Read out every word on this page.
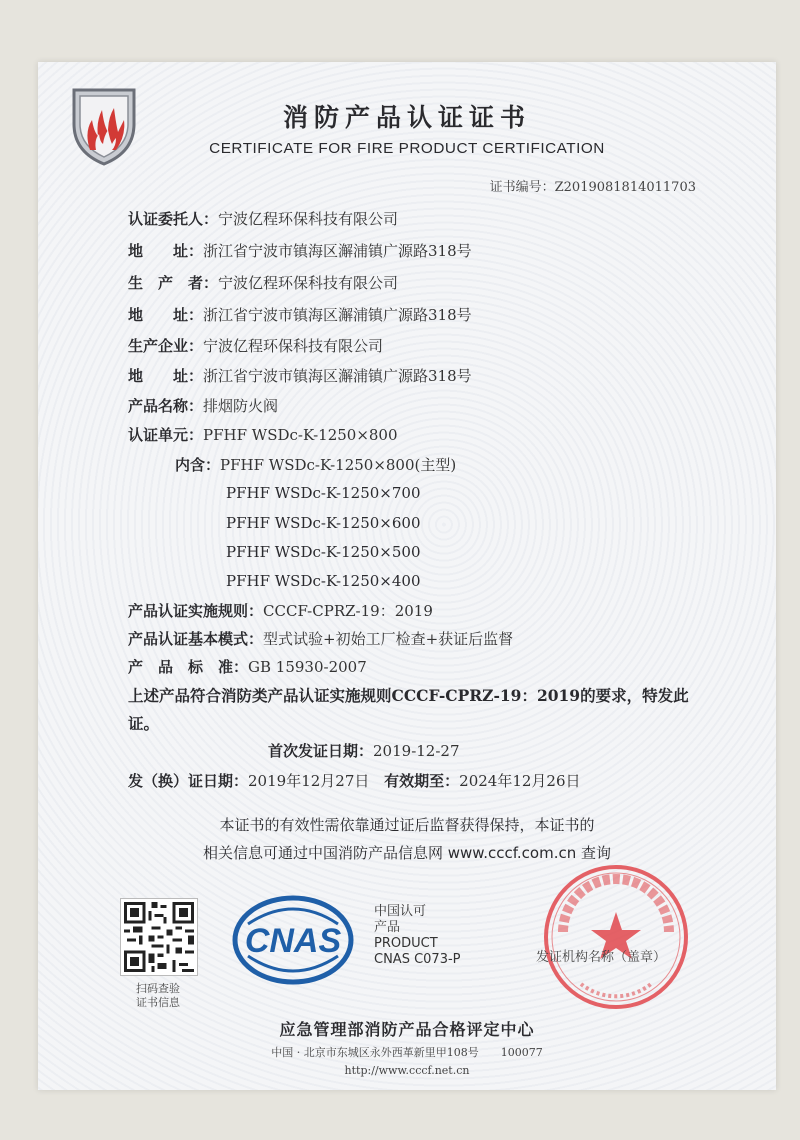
消防产品认证证书
CERTIFICATE FOR FIRE PRODUCT CERTIFICATION
证书编号：Z2019081814011703
认证委托人：宁波亿程环保科技有限公司
地　　址：浙江省宁波市镇海区澥浦镇广源路318号
生　产　者：宁波亿程环保科技有限公司
地　　址：浙江省宁波市镇海区澥浦镇广源路318号
生产企业：宁波亿程环保科技有限公司
地　　址：浙江省宁波市镇海区澥浦镇广源路318号
产品名称：排烟防火阀
认证单元：PFHF WSDc-K-1250×800
内含：PFHF WSDc-K-1250×800(主型)
PFHF WSDc-K-1250×700
PFHF WSDc-K-1250×600
PFHF WSDc-K-1250×500
PFHF WSDc-K-1250×400
产品认证实施规则：CCCF-CPRZ-19：2019
产品认证基本模式：型式试验+初始工厂检查+获证后监督
产　品　标　准：GB 15930-2007
上述产品符合消防类产品认证实施规则CCCF-CPRZ-19：2019的要求，特发此证。
首次发证日期：2019-12-27
发（换）证日期：2019年12月27日 有效期至：2024年12月26日
本证书的有效性需依靠通过证后监督获得保持，本证书的
相关信息可通过中国消防产品信息网 www.cccf.com.cn 查询
扫码查验
证书信息
CNAS
中国认可
产品
PRODUCT
CNAS C073-P	发证机构名称（盖章）
应急管理部消防产品合格评定中心
中国 · 北京市东城区永外西革新里甲108号　　100077
http://www.cccf.net.cn
